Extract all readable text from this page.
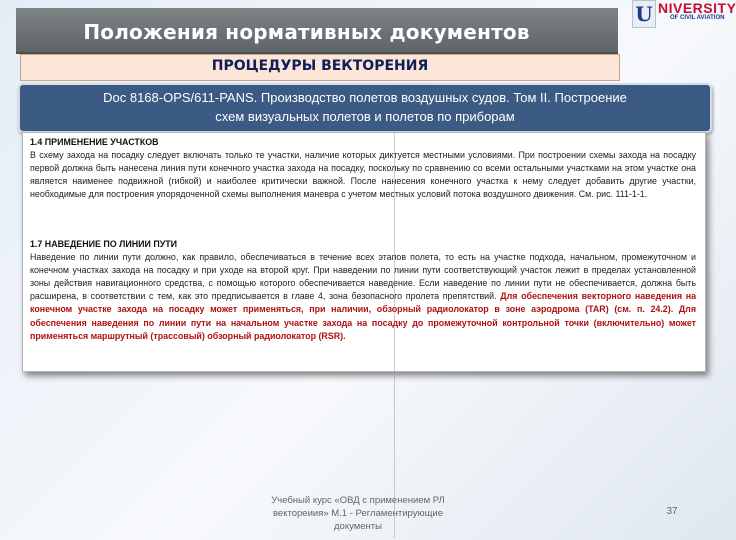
Положения нормативных документов
U NIVERSITY
OF CIVIL AVIATION
ПРОЦЕДУРЫ ВЕКТОРЕНИЯ
Doc 8168-OPS/611-PANS. Производство полетов воздушных судов. Том II. Построение
схем визуальных полетов и полетов по приборам
1.4 ПРИМЕНЕНИЕ УЧАСТКОВ
В схему захода на посадку следует включать только те участки, наличие которых диктуется местными условиями. При построении схемы захода на посадку первой должна быть нанесена линия пути конечного участка захода на посадку, поскольку по сравнению со всеми остальными участками на этом участке она является наименее подвижной (гибкой) и наиболее критически важной. После нанесения конечного участка к нему следует добавить другие участки, необходимые для построения упорядоченной схемы выполнения маневра с учетом местных условий потока воздушного движения. См. рис. 111-1-1.
1.7 НАВЕДЕНИЕ ПО ЛИНИИ ПУТИ
Наведение по линии пути должно, как правило, обеспечиваться в течение всех этапов полета, то есть на участке подхода, начальном, промежуточном и конечном участках захода на посадку и при уходе на второй круг. При наведении по линии пути соответствующий участок лежит в пределах установленной зоны действия навигационного средства, с помощью которого обеспечивается наведение. Если наведение по линии пути не обеспечивается, должна быть расширена, в соответствии с тем, как это предписывается в главе 4, зона безопасного пролета препятствий. Для обеспечения векторного наведения на конечном участке захода на посадку может применяться, при наличии, обзорный радиолокатор в зоне аэродрома (TAR) (см. п. 24.2). Для обеспечения наведения по линии пути на начальном участке захода на посадку до промежуточной контрольной точки (включительно) может применяться маршрутный (трассовый) обзорный радиолокатор (RSR).
Учебный курс «ОВД с применением РЛ
вектореиия» М.1 - Регламентирующие
документы
37
